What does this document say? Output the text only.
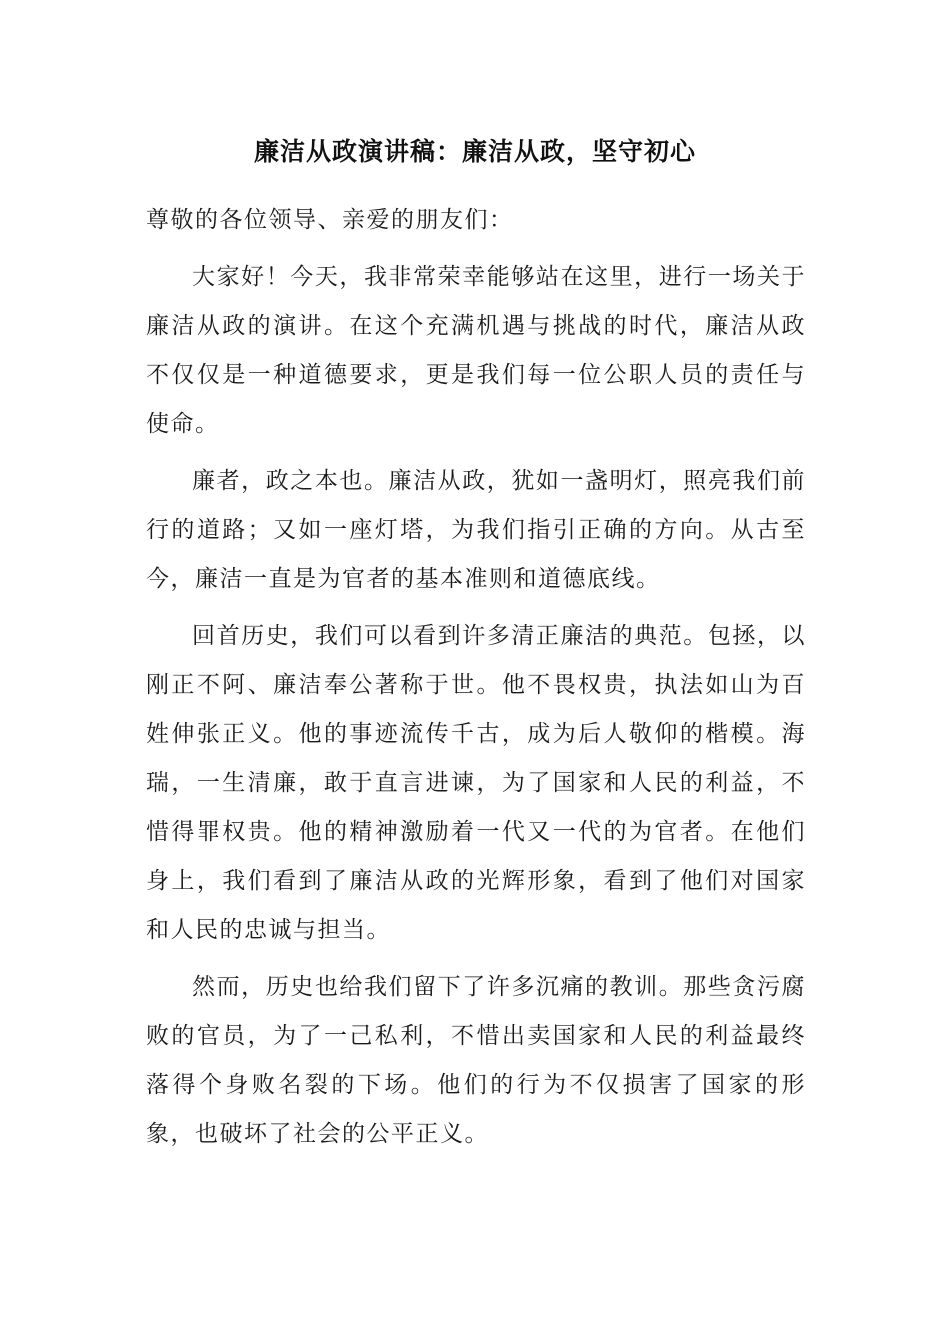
廉洁从政演讲稿：廉洁从政，坚守初心

尊敬的各位领导、亲爱的朋友们：

大家好！今天，我非常荣幸能够站在这里，进行一场关于廉洁从政的演讲。在这个充满机遇与挑战的时代，廉洁从政不仅仅是一种道德要求，更是我们每一位公职人员的责任与使命。

廉者，政之本也。廉洁从政，犹如一盏明灯，照亮我们前行的道路；又如一座灯塔，为我们指引正确的方向。从古至今，廉洁一直是为官者的基本准则和道德底线。

回首历史，我们可以看到许多清正廉洁的典范。包拯，以刚正不阿、廉洁奉公著称于世。他不畏权贵，执法如山为百姓伸张正义。他的事迹流传千古，成为后人敬仰的楷模。海瑞，一生清廉，敢于直言进谏，为了国家和人民的利益，不惜得罪权贵。他的精神激励着一代又一代的为官者。在他们身上，我们看到了廉洁从政的光辉形象，看到了他们对国家和人民的忠诚与担当。

然而，历史也给我们留下了许多沉痛的教训。那些贪污腐败的官员，为了一己私利，不惜出卖国家和人民的利益最终落得个身败名裂的下场。他们的行为不仅损害了国家的形象，也破坏了社会的公平正义。
